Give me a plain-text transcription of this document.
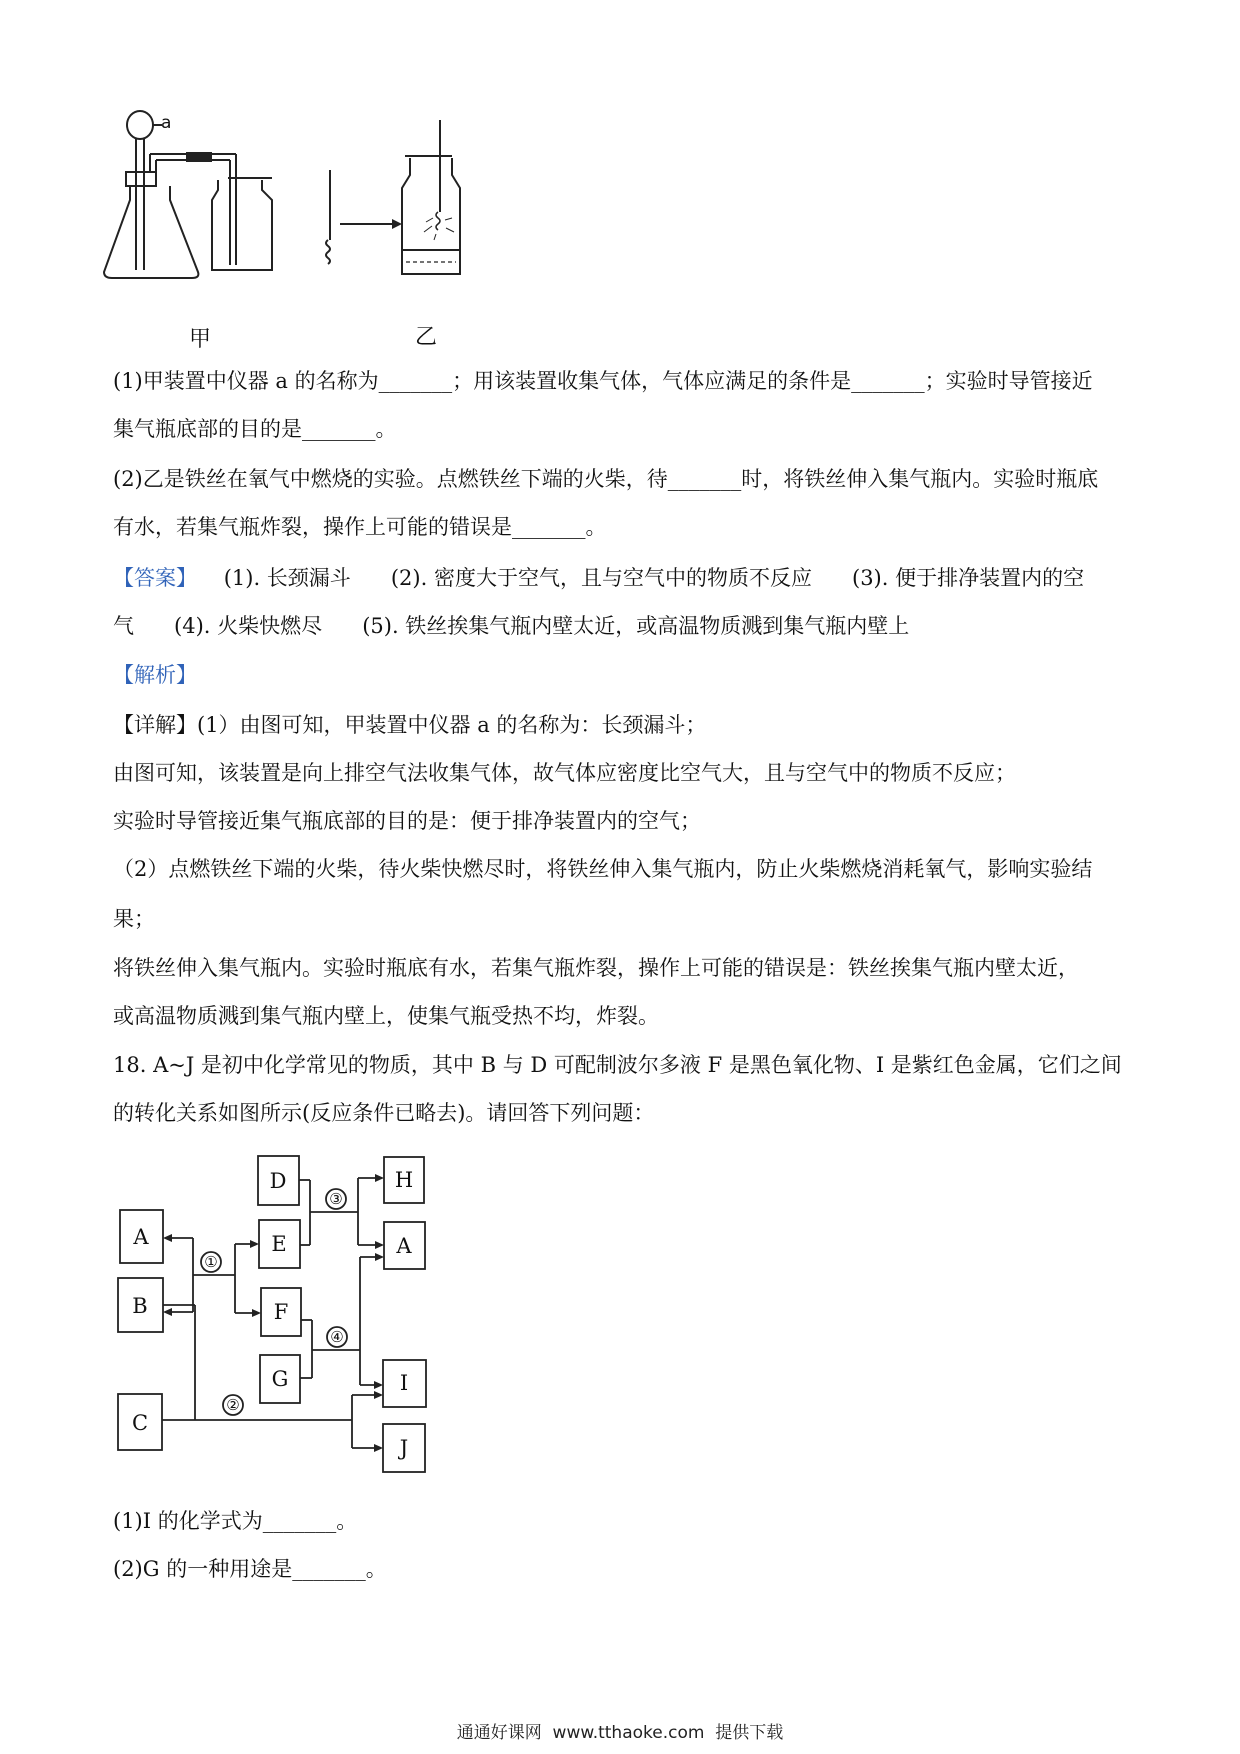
a
甲	乙
(1)甲装置中仪器 a 的名称为_______；用该装置收集气体，气体应满足的条件是_______；实验时导管接近
集气瓶底部的目的是_______。
(2)乙是铁丝在氧气中燃烧的实验。点燃铁丝下端的火柴，待_______时，将铁丝伸入集气瓶内。实验时瓶底
有水，若集气瓶炸裂，操作上可能的错误是_______。
【答案】    (1). 长颈漏斗      (2). 密度大于空气，且与空气中的物质不反应      (3). 便于排净装置内的空
气      (4). 火柴快燃尽      (5). 铁丝挨集气瓶内壁太近，或高温物质溅到集气瓶内壁上
【解析】
【详解】(1）由图可知，甲装置中仪器 a 的名称为：长颈漏斗；
由图可知，该装置是向上排空气法收集气体，故气体应密度比空气大，且与空气中的物质不反应；
实验时导管接近集气瓶底部的目的是：便于排净装置内的空气；
（2）点燃铁丝下端的火柴，待火柴快燃尽时，将铁丝伸入集气瓶内，防止火柴燃烧消耗氧气，影响实验结
果；
将铁丝伸入集气瓶内。实验时瓶底有水，若集气瓶炸裂，操作上可能的错误是：铁丝挨集气瓶内壁太近，
或高温物质溅到集气瓶内壁上，使集气瓶受热不均，炸裂。
18. A~J 是初中化学常见的物质，其中 B 与 D 可配制波尔多液 F 是黑色氧化物、I 是紫红色金属，它们之间
的转化关系如图所示(反应条件已略去)。请回答下列问题：
A
B
C
D
E
F
G
H
A
I
J
①
③
④
②
(1)I 的化学式为_______。
(2)G 的一种用途是_______。
通通好课网  www.tthaoke.com  提供下载
